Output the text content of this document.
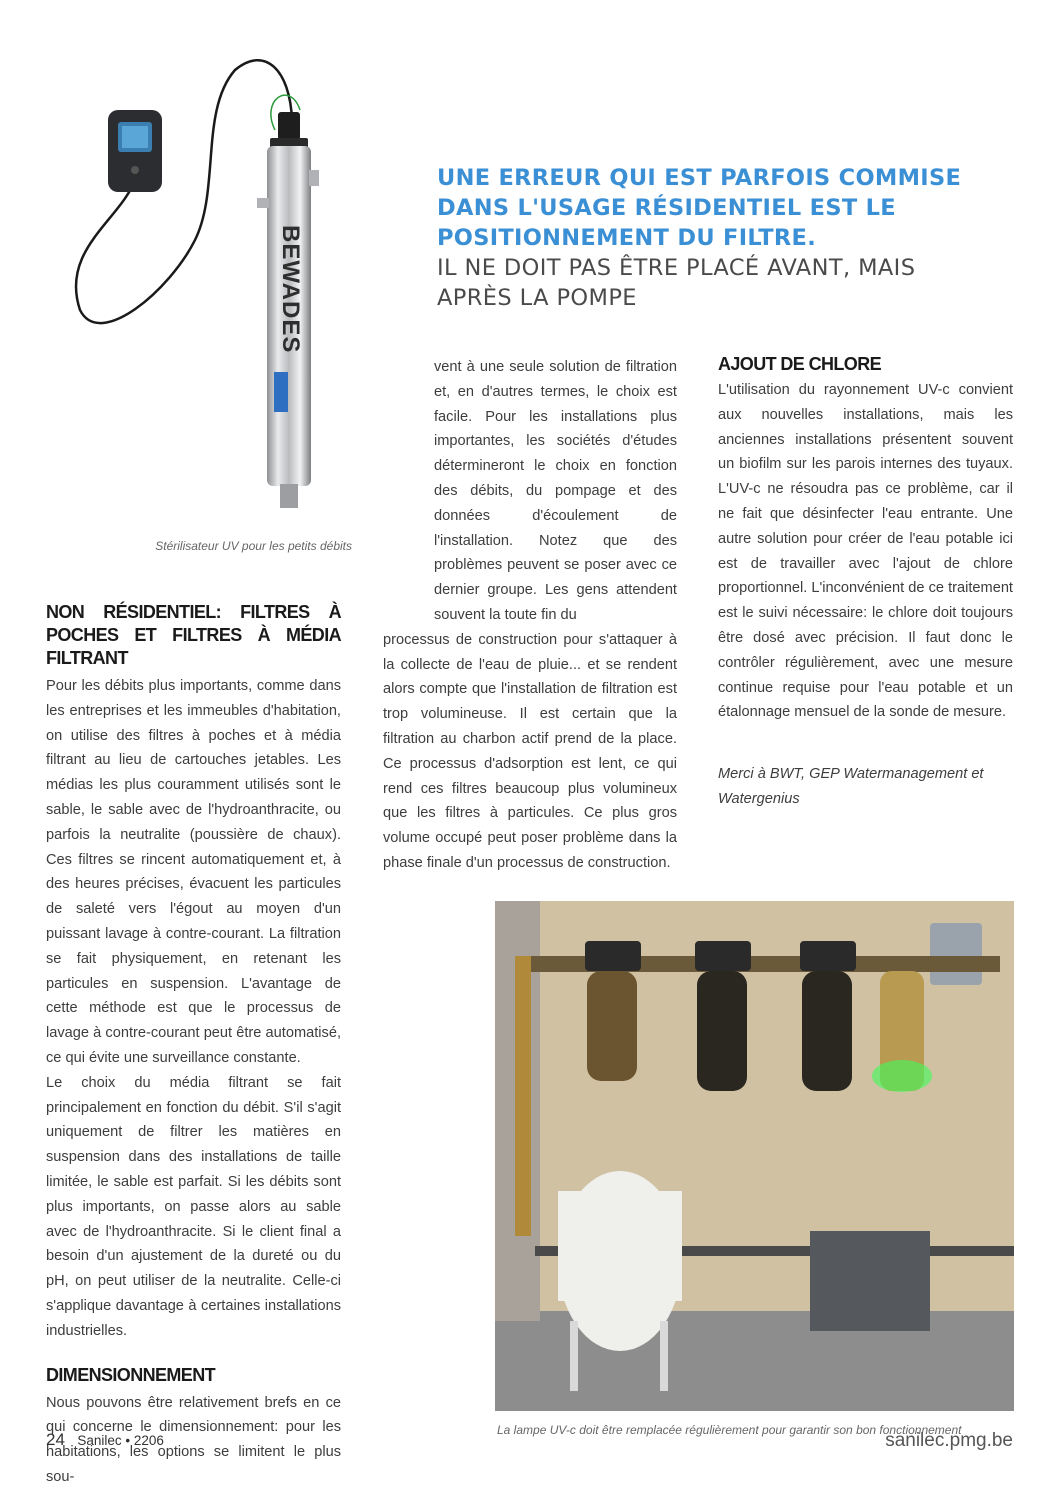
BEWADES
Stérilisateur UV pour les petits débits
UNE ERREUR QUI EST PARFOIS COMMISE DANS L'USAGE RÉSIDENTIEL EST LE POSITIONNEMENT DU FILTRE.
IL NE DOIT PAS ÊTRE PLACÉ AVANT, MAIS APRÈS LA POMPE
NON RÉSIDENTIEL: FILTRES À POCHES ET FILTRES À MÉDIA FILTRANT

Pour les débits plus importants, comme dans les entreprises et les immeubles d'habitation, on utilise des filtres à poches et à média filtrant au lieu de cartouches jetables. Les médias les plus couramment utilisés sont le sable, le sable avec de l'hydroanthracite, ou parfois la neutralite (poussière de chaux). Ces filtres se rincent automatiquement et, à des heures précises, évacuent les particules de saleté vers l'égout au moyen d'un puissant lavage à contre-courant. La filtration se fait physiquement, en retenant les particules en suspension. L'avantage de cette méthode est que le processus de lavage à contre-courant peut être automatisé, ce qui évite une surveillance constante.

Le choix du média filtrant se fait principalement en fonction du débit. S'il s'agit uniquement de filtrer les matières en suspension dans des installations de taille limitée, le sable est parfait. Si les débits sont plus importants, on passe alors au sable avec de l'hydroanthracite. Si le client final a besoin d'un ajustement de la dureté ou du pH, on peut utiliser de la neutralite. Celle-ci s'applique davantage à certaines installations industrielles.

DIMENSIONNEMENT

Nous pouvons être relativement brefs en ce qui concerne le dimensionnement: pour les habitations, les options se limitent le plus sou-

vent à une seule solution de filtration et, en d'autres termes, le choix est facile. Pour les installations plus importantes, les sociétés d'études détermineront le choix en fonction des débits, du pompage et des données d'écoulement de l'installation. Notez que des problèmes peuvent se poser avec ce dernier groupe. Les gens attendent souvent la toute fin du

processus de construction pour s'attaquer à la collecte de l'eau de pluie... et se rendent alors compte que l'installation de filtration est trop volumineuse. Il est certain que la filtration au charbon actif prend de la place. Ce processus d'adsorption est lent, ce qui rend ces filtres beaucoup plus volumineux que les filtres à particules. Ce plus gros volume occupé peut poser problème dans la phase finale d'un processus de construction.

AJOUT DE CHLORE

L'utilisation du rayonnement UV-c convient aux nouvelles installations, mais les anciennes installations présentent souvent un biofilm sur les parois internes des tuyaux. L'UV-c ne résoudra pas ce problème, car il ne fait que désinfecter l'eau entrante. Une autre solution pour créer de l'eau potable ici est de travailler avec l'ajout de chlore proportionnel. L'inconvénient de ce traitement est le suivi nécessaire: le chlore doit toujours être dosé avec précision. Il faut donc le contrôler régulièrement, avec une mesure continue requise pour l'eau potable et un étalonnage mensuel de la sonde de mesure.

Merci à BWT, GEP Watermanagement et Watergenius

La lampe UV-c doit être remplacée régulièrement pour garantir son bon fonctionnement
24 Sanilec • 2206	sanilec.pmg.be
